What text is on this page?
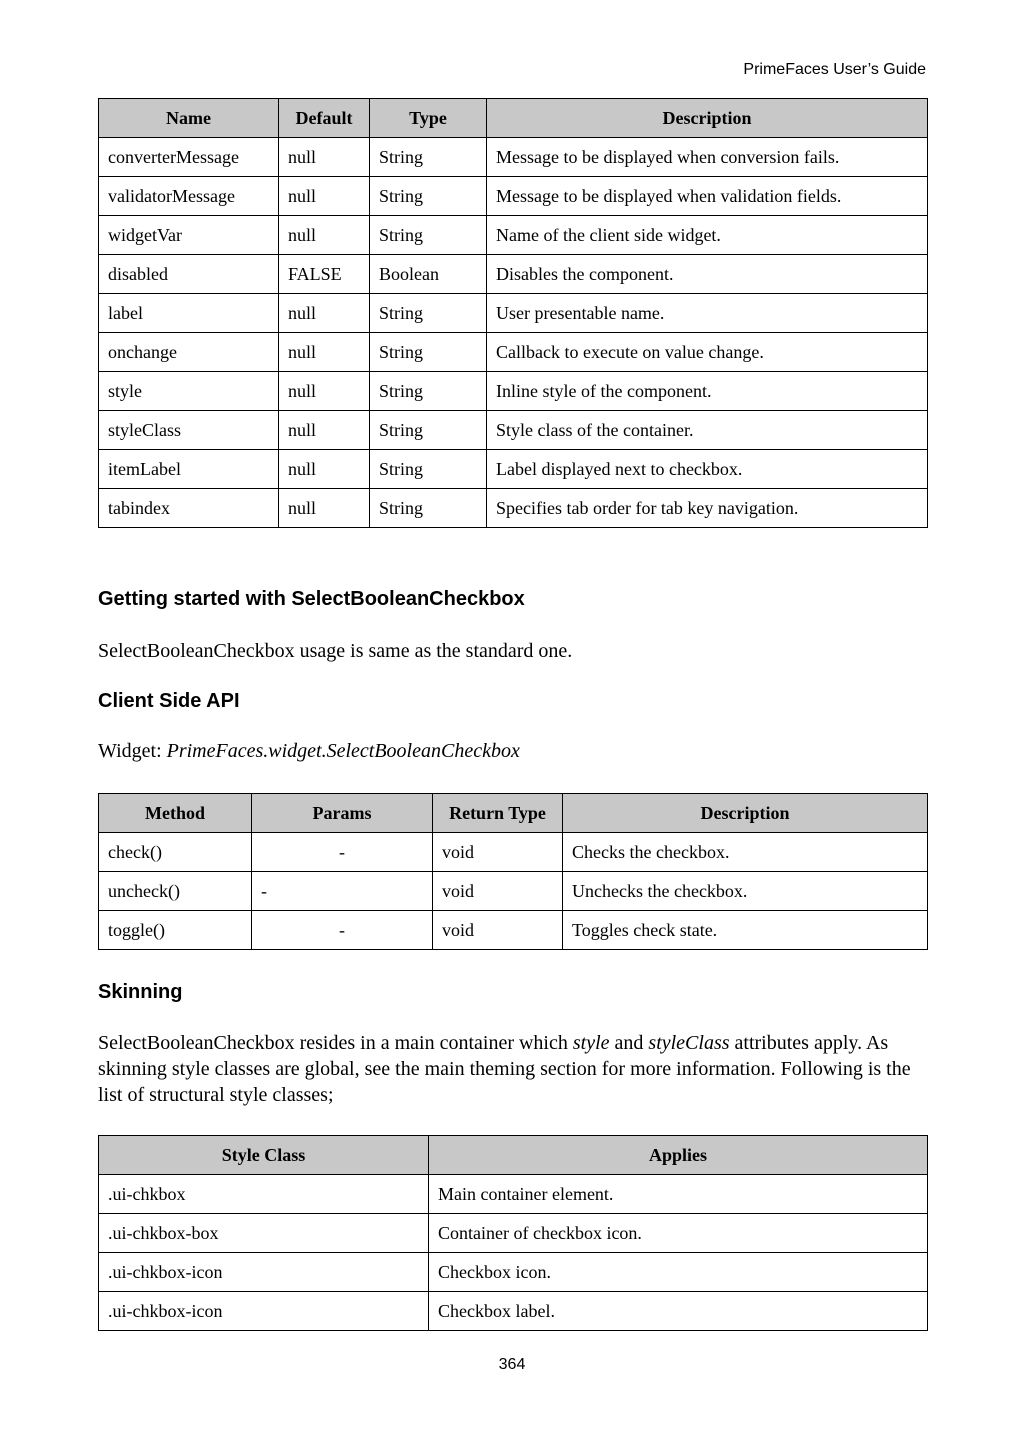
PrimeFaces User’s Guide
Name	Default	Type	Description
converterMessage	null	String	Message to be displayed when conversion fails.
validatorMessage	null	String	Message to be displayed when validation fields.
widgetVar	null	String	Name of the client side widget.
disabled	FALSE	Boolean	Disables the component.
label	null	String	User presentable name.
onchange	null	String	Callback to execute on value change.
style	null	String	Inline style of the component.
styleClass	null	String	Style class of the container.
itemLabel	null	String	Label displayed next to checkbox.
tabindex	null	String	Specifies tab order for tab key navigation.
Getting started with SelectBooleanCheckbox

SelectBooleanCheckbox usage is same as the standard one.

Client Side API

Widget: PrimeFaces.widget.SelectBooleanCheckbox

Method	Params	Return Type	Description
check()	-	void	Checks the checkbox.
uncheck()	-	void	Unchecks the checkbox.
toggle()	-	void	Toggles check state.
Skinning

SelectBooleanCheckbox resides in a main container which style and styleClass attributes apply. As skinning style classes are global, see the main theming section for more information. Following is the list of structural style classes;

Style Class	Applies
.ui-chkbox	Main container element.
.ui-chkbox-box	Container of checkbox icon.
.ui-chkbox-icon	Checkbox icon.
.ui-chkbox-icon	Checkbox label.
364
